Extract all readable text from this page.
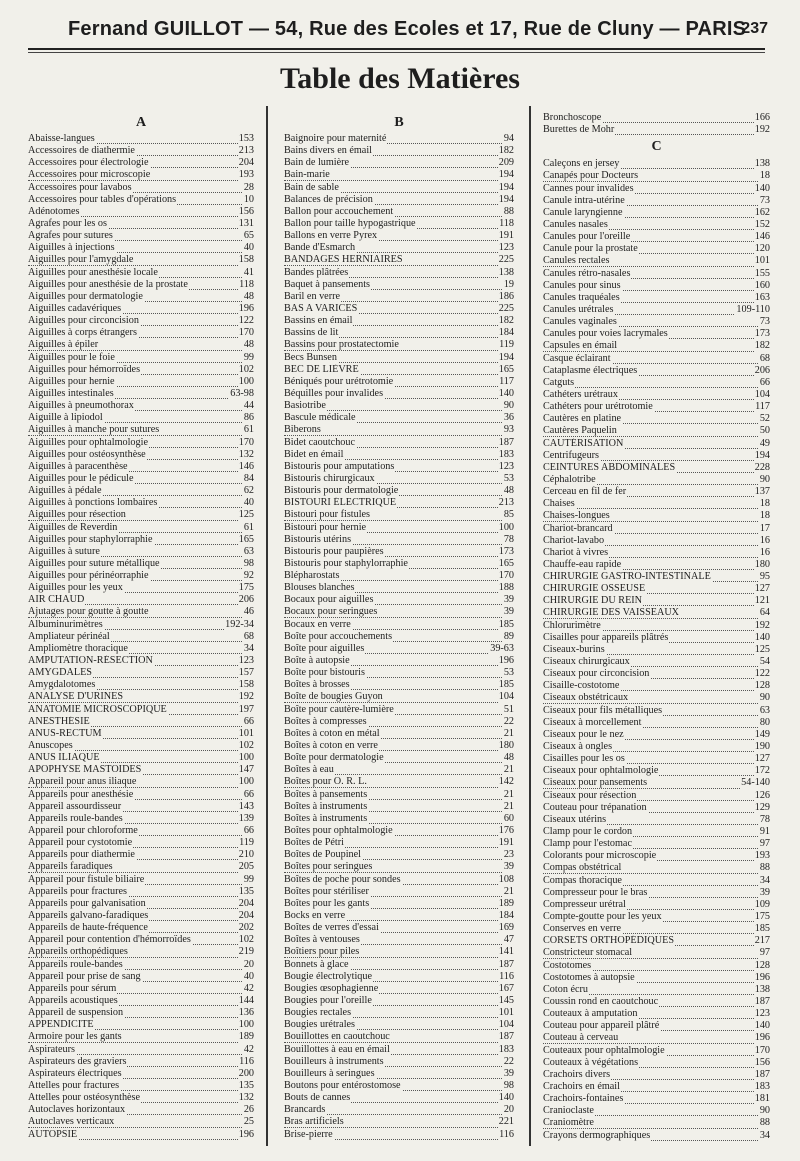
Fernand GUILLOT — 54, Rue des Ecoles et 17, Rue de Cluny — PARIS
237
Table des Matières
A
Abaisse-langues	153
Accessoires de diathermie	213
Accessoires pour électrologie	204
Accessoires pour microscopie	193
Accessoires pour lavabos	28
Accessoires pour tables d'opérations	10
Adénotomes	156
Agrafes pour les os	131
Agrafes pour sutures	65
Aiguilles à injections	40
Aiguilles pour l'amygdale	158
Aiguilles pour anesthésie locale	41
Aiguilles pour anesthésie de la prostate	118
Aiguilles pour dermatologie	48
Aiguilles cadavériques	196
Aiguilles pour circoncision	122
Aiguilles à corps étrangers	170
Aiguilles à épiler	48
Aiguilles pour le foie	99
Aiguilles pour hémorroïdes	102
Aiguilles pour hernie	100
Aiguilles intestinales	63-98
Aiguilles à pneumothorax	44
Aiguille à lipiodol	86
Aiguilles à manche pour sutures	61
Aiguilles pour ophtalmologie	170
Aiguilles pour ostéosynthèse	132
Aiguilles à paracenthèse	146
Aiguilles pour le pédicule	84
Aiguilles à pédale	62
Aiguilles à ponctions lombaires	40
Aiguilles pour résection	125
Aiguilles de Reverdin	61
Aiguilles pour staphylorraphie	165
Aiguilles à suture	63
Aiguilles pour suture métallique	98
Aiguilles pour périnéorraphie	92
Aiguilles pour les yeux	175
AIR CHAUD	206
Ajutages pour goutte à goutte	46
Albuminurimètres	192-34
Ampliateur périnéal	68
Ampliomètre thoracique	34
AMPUTATION-RÉSECTION	123
AMYGDALES	157
Amygdalotomes	158
ANALYSE D'URINES	192
ANATOMIE MICROSCOPIQUE	197
ANESTHÉSIE	66
ANUS-RECTUM	101
Anuscopes	102
ANUS ILIAQUE	100
APOPHYSE MASTOIDES	147
Appareil pour anus iliaque	100
Appareils pour anesthésie	66
Appareil assourdisseur	143
Appareils roule-bandes	139
Appareil pour chloroforme	66
Appareil pour cystotomie	119
Appareils pour diathermie	210
Appareils faradiques	205
Appareil pour fistule biliaire	99
Appareils pour fractures	135
Appareils pour galvanisation	204
Appareils galvano-faradiques	204
Appareils de haute-fréquence	202
Appareil pour contention d'hémorroïdes	102
Appareils orthopédiques	219
Appareils roule-bandes	20
Appareil pour prise de sang	40
Appareils pour sérum	42
Appareils acoustiques	144
Appareil de suspension	136
APPENDICITE	100
Armoire pour les gants	189
Aspirateurs	42
Aspirateurs des graviers	116
Aspirateurs électriques	200
Attelles pour fractures	135
Attelles pour ostéosynthèse	132
Autoclaves horizontaux	26
Autoclaves verticaux	25
AUTOPSIE	196
B
Baignoire pour maternité	94
Bains divers en émail	182
Bain de lumière	209
Bain-marie	194
Bain de sable	194
Balances de précision	194
Ballon pour accouchement	88
Ballon pour taille hypogastrique	118
Ballons en verre Pyrex	191
Bande d'Esmarch	123
BANDAGES HERNIAIRES	225
Bandes plâtrées	138
Baquet à pansements	19
Baril en verre	186
BAS A VARICES	225
Bassins en émail	182
Bassins de lit	184
Bassins pour prostatectomie	119
Becs Bunsen	194
BEC DE LIÈVRE	165
Béniqués pour urétrotomie	117
Béquilles pour invalides	140
Basiotribe	90
Bascule médicale	36
Biberons	93
Bidet caoutchouc	187
Bidet en émail	183
Bistouris pour amputations	123
Bistouris chirurgicaux	53
Bistouris pour dermatologie	48
BISTOURI ÉLECTRIQUE	213
Bistouri pour fistules	85
Bistouri pour hernie	100
Bistouris utérins	78
Bistouris pour paupières	173
Bistouris pour staphylorraphie	165
Blépharostats	170
Blouses blanches	188
Bocaux pour aiguilles	39
Bocaux pour seringues	39
Bocaux en verre	185
Boîte pour accouchements	89
Boîte pour aiguilles	39-63
Boîte à autopsie	196
Boîte pour bistouris	53
Boîtes à brosses	185
Boîte de bougies Guyon	104
Boîte pour cautère-lumière	51
Boîtes à compresses	22
Boîtes à coton en métal	21
Boîtes à coton en verre	180
Boîte pour dermatologie	48
Boîtes à eau	21
Boîtes pour O. R. L.	142
Boîtes à pansements	21
Boîtes à instruments	21
Boîtes à instruments	60
Boîtes pour ophtalmologie	176
Boîtes de Pétri	191
Boîtes de Poupinel	23
Boîtes pour seringues	39
Boîtes de poche pour sondes	108
Boîtes pour stériliser	21
Boîtes pour les gants	189
Bocks en verre	184
Boîtes de verres d'essai	169
Boîtes à ventouses	47
Boîtiers pour piles	141
Bonnets à glace	187
Bougie électrolytique	116
Bougies œsophagienne	167
Bougies pour l'oreille	145
Bougies rectales	101
Bougies urétrales	104
Bouillottes en caoutchouc	187
Bouillottes à eau en émail	183
Bouilleurs à instruments	22
Bouilleurs à seringues	39
Boutons pour entérostomose	98
Bouts de cannes	140
Brancards	20
Bras artificiels	221
Brise-pierre	116
Bronchoscope	166
Burettes de Mohr	192
C
Caleçons en jersey	138
Canapés pour Docteurs	18
Cannes pour invalides	140
Canule intra-utérine	73
Canule laryngienne	162
Canules nasales	152
Canules pour l'oreille	146
Canule pour la prostate	120
Canules rectales	101
Canules rétro-nasales	155
Canules pour sinus	160
Canules traquéales	163
Canules urétrales	109-110
Canules vaginales	73
Canules pour voies lacrymales	173
Capsules en émail	182
Casque éclairant	68
Cataplasme électriques	206
Catguts	66
Cathéters urétraux	104
Cathéters pour urétrotomie	117
Cautères en platine	52
Cautères Paquelin	50
CAUTÉRISATION	49
Centrifugeurs	194
CEINTURES ABDOMINALES	228
Céphalotribe	90
Cerceau en fil de fer	137
Chaises	18
Chaises-longues	18
Chariot-brancard	17
Chariot-lavabo	16
Chariot à vivres	16
Chauffe-eau rapide	180
CHIRURGIE GASTRO-INTESTINALE	95
CHIRURGIE OSSEUSE	127
CHIRURGIE DU REIN	121
CHIRURGIE DES VAISSEAUX	64
Chlorurimètre	192
Cisailles pour appareils plâtrés	140
Ciseaux-burins	125
Ciseaux chirurgicaux	54
Ciseaux pour circoncision	122
Cisaille-costotome	128
Ciseaux obstétricaux	90
Ciseaux pour fils métalliques	63
Ciseaux à morcellement	80
Ciseaux pour le nez	149
Ciseaux à ongles	190
Cisailles pour les os	127
Ciseaux pour ophtalmologie	172
Ciseaux pour pansements	54-140
Ciseaux pour résection	126
Couteau pour trépanation	129
Ciseaux utérins	78
Clamp pour le cordon	91
Clamp pour l'estomac	97
Colorants pour microscopie	193
Compas obstétrical	88
Compas thoracique	34
Compresseur pour le bras	39
Compresseur urétral	109
Compte-goutte pour les yeux	175
Conserves en verre	185
CORSETS ORTHOPÉDIQUES	217
Constricteur stomacal	97
Costotomes	128
Costotomes à autopsie	196
Coton écru	138
Coussin rond en caoutchouc	187
Couteaux à amputation	123
Couteau pour appareil plâtré	140
Couteau à cerveau	196
Couteaux pour ophtalmologie	170
Couteaux à végétations	156
Crachoirs divers	187
Crachoirs en émail	183
Crachoirs-fontaines	181
Cranioclaste	90
Craniomètre	88
Crayons dermographiques	34
